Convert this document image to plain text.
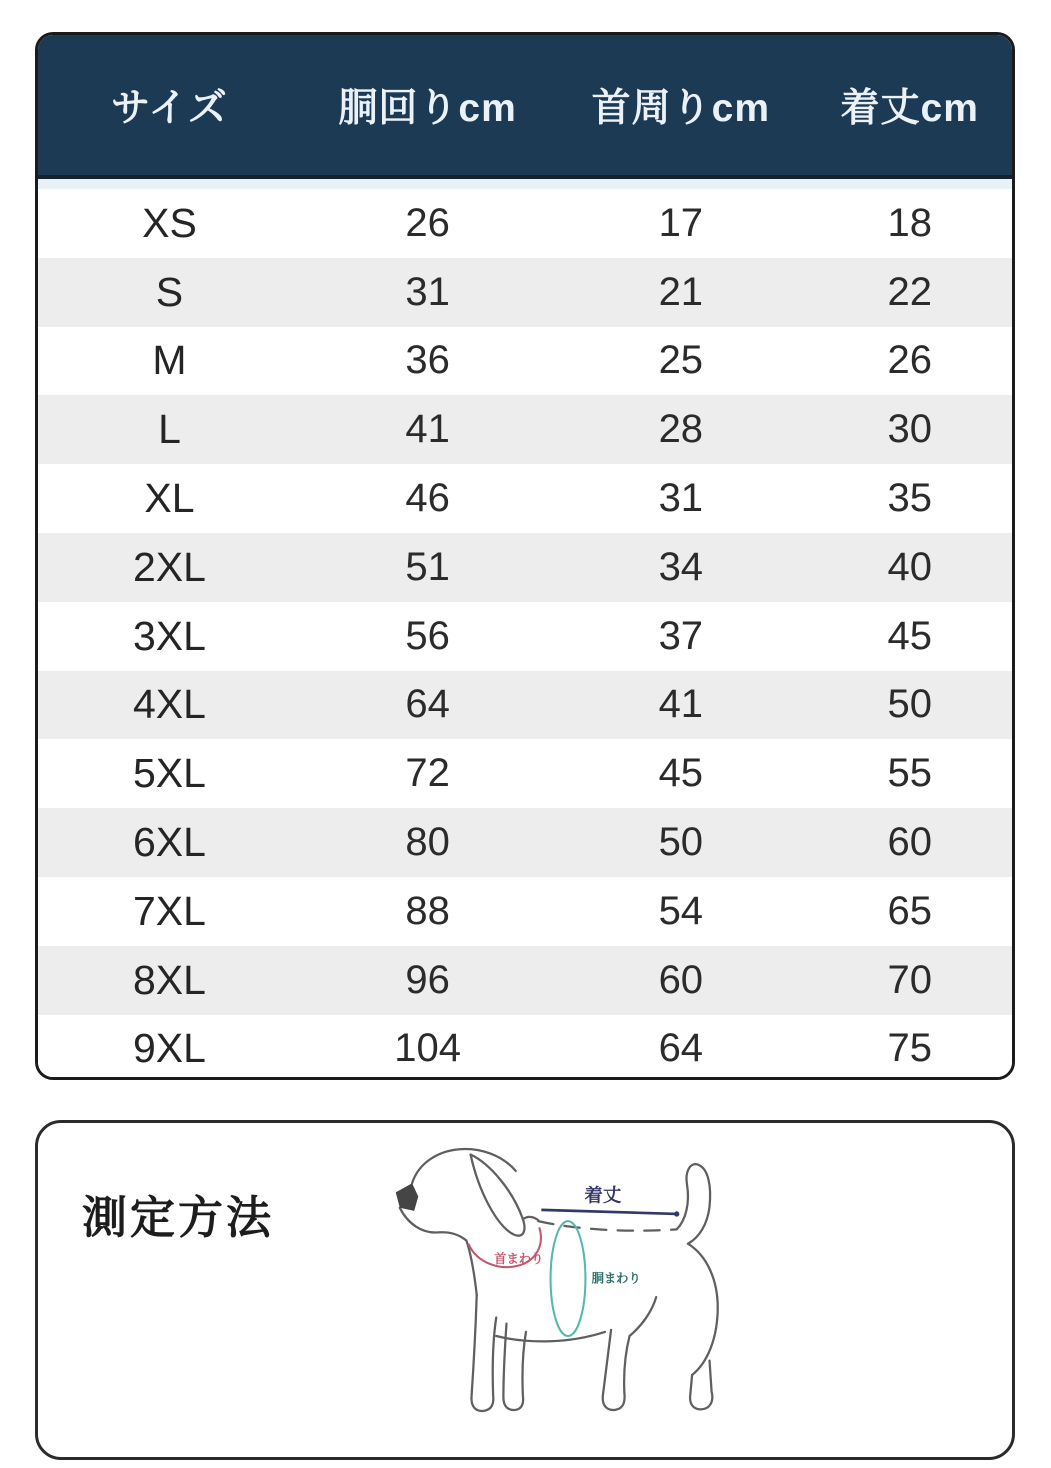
サイズ	胴回りcm	首周りcm	着丈cm
XS	26	17	18
S	31	21	22
M	36	25	26
L	41	28	30
XL	46	31	35
2XL	51	34	40
3XL	56	37	45
4XL	64	41	50
5XL	72	45	55
6XL	80	50	60
7XL	88	54	65
8XL	96	60	70
9XL	104	64	75
測定方法	着丈
首まわり
胴まわり
